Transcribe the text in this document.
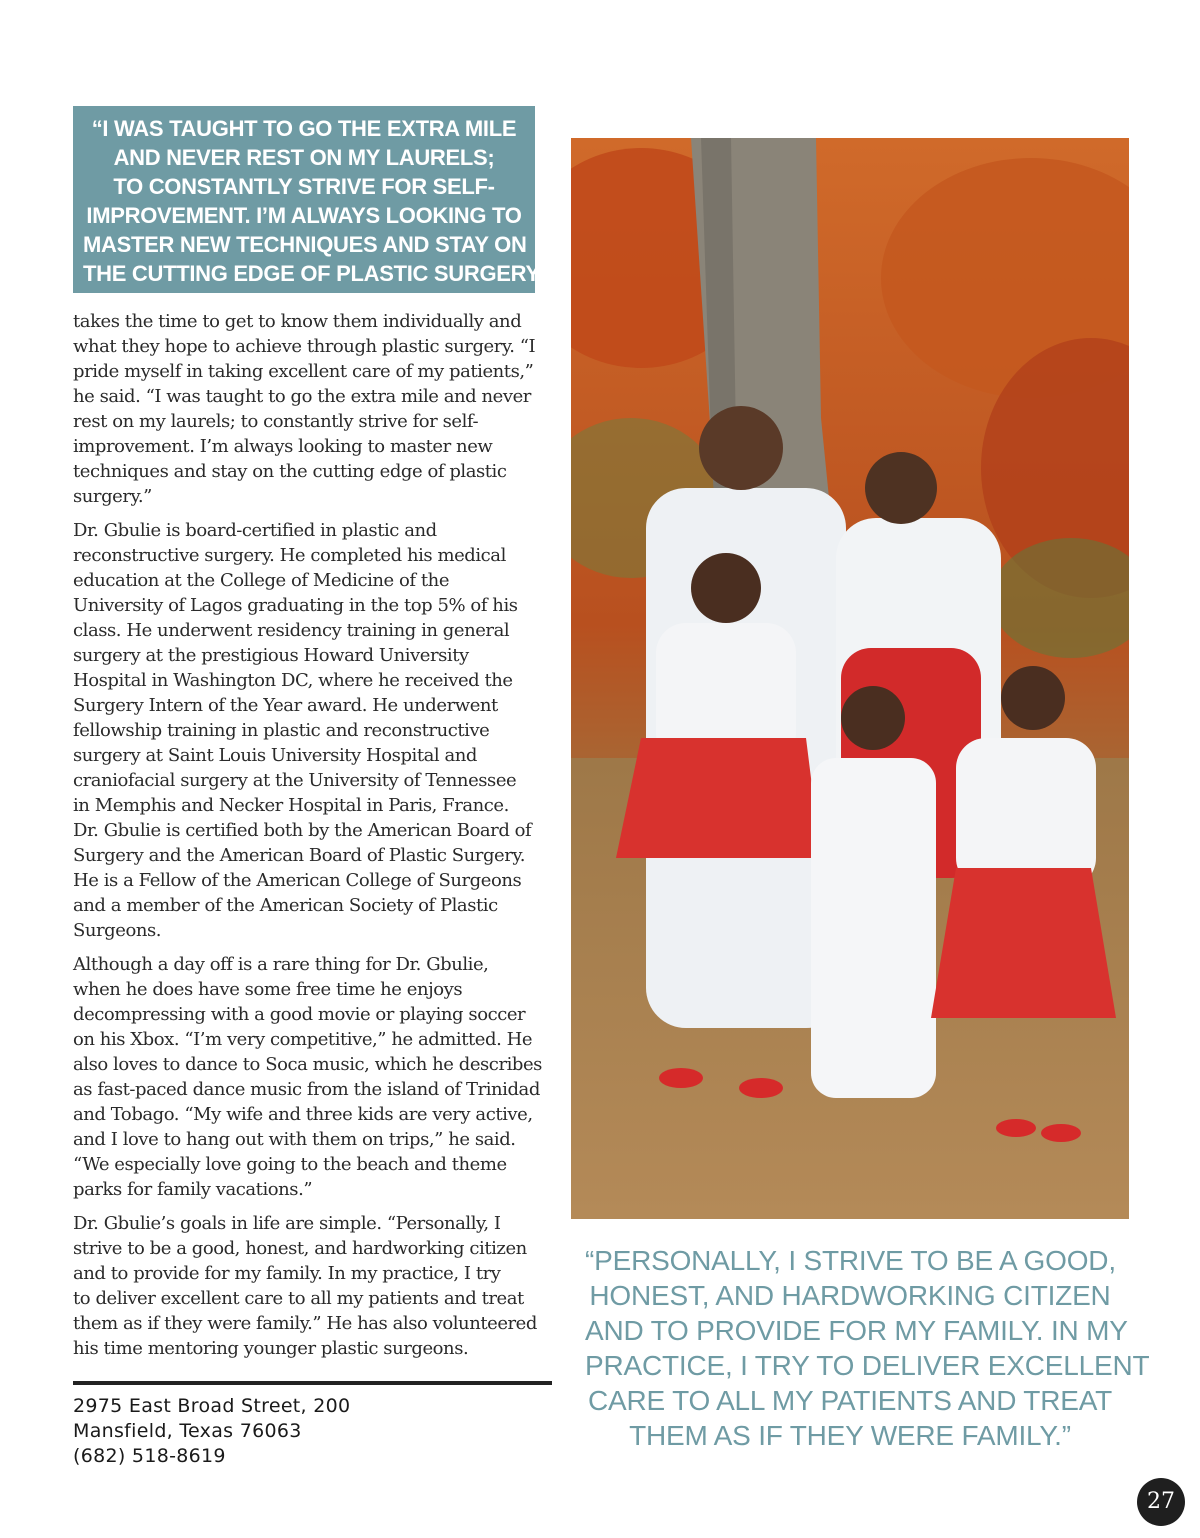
“I WAS TAUGHT TO GO THE EXTRA MILE
AND NEVER REST ON MY LAURELS;
TO CONSTANTLY STRIVE FOR SELF-
IMPROVEMENT. I’M ALWAYS LOOKING TO
MASTER NEW TECHNIQUES AND STAY ON
THE CUTTING EDGE OF PLASTIC SURGERY.”

takes the time to get to know them individually and
what they hope to achieve through plastic surgery. “I
pride myself in taking excellent care of my patients,”
he said. “I was taught to go the extra mile and never
rest on my laurels; to constantly strive for self-
improvement. I’m always looking to master new
techniques and stay on the cutting edge of plastic
surgery.”

Dr. Gbulie is board-certified in plastic and
reconstructive surgery. He completed his medical
education at the College of Medicine of the
University of Lagos graduating in the top 5% of his
class. He underwent residency training in general
surgery at the prestigious Howard University
Hospital in Washington DC, where he received the
Surgery Intern of the Year award. He underwent
fellowship training in plastic and reconstructive
surgery at Saint Louis University Hospital and
craniofacial surgery at the University of Tennessee
in Memphis and Necker Hospital in Paris, France.
Dr. Gbulie is certified both by the American Board of
Surgery and the American Board of Plastic Surgery.
He is a Fellow of the American College of Surgeons
and a member of the American Society of Plastic
Surgeons.

Although a day off is a rare thing for Dr. Gbulie,
when he does have some free time he enjoys
decompressing with a good movie or playing soccer
on his Xbox. “I’m very competitive,” he admitted. He
also loves to dance to Soca music, which he describes
as fast-paced dance music from the island of Trinidad
and Tobago. “My wife and three kids are very active,
and I love to hang out with them on trips,” he said.
“We especially love going to the beach and theme
parks for family vacations.”

Dr. Gbulie’s goals in life are simple. “Personally, I
strive to be a good, honest, and hardworking citizen
and to provide for my family. In my practice, I try
to deliver excellent care to all my patients and treat
them as if they were family.” He has also volunteered
his time mentoring younger plastic surgeons.

2975 East Broad Street, 200
Mansfield, Texas 76063
(682) 518-8619
“PERSONALLY, I STRIVE TO BE A GOOD,
HONEST, AND HARDWORKING CITIZEN
AND TO PROVIDE FOR MY FAMILY. IN MY
PRACTICE, I TRY TO DELIVER EXCELLENT
CARE TO ALL MY PATIENTS AND TREAT
THEM AS IF THEY WERE FAMILY.”
27
